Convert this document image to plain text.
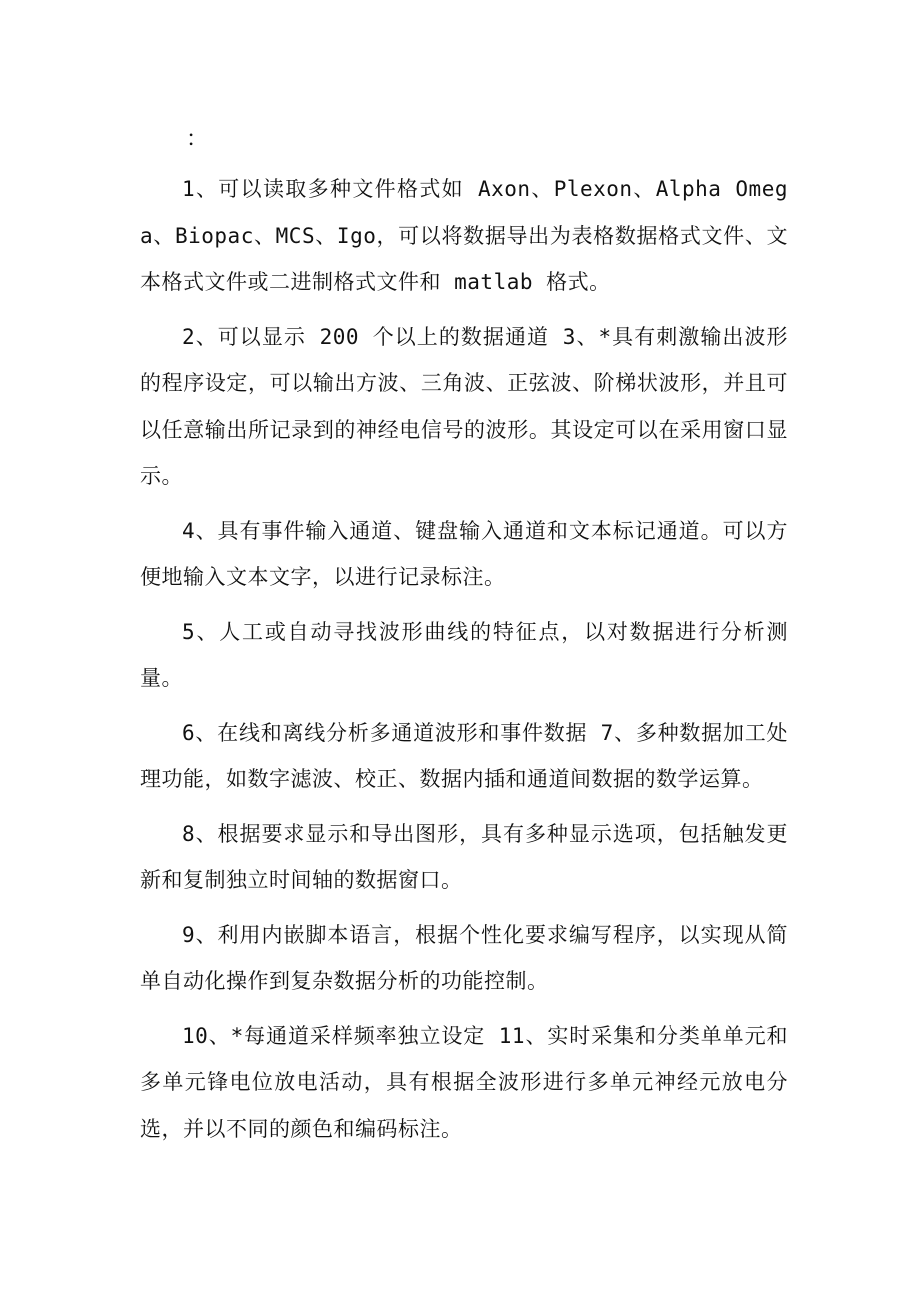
：

1、可以读取多种文件格式如 Axon、Plexon、Alpha Omega、Biopac、MCS、Igo，可以将数据导出为表格数据格式文件、文本格式文件或二进制格式文件和 matlab 格式。

2、可以显示 200 个以上的数据通道 3、*具有刺激输出波形的程序设定，可以输出方波、三角波、正弦波、阶梯状波形，并且可以任意输出所记录到的神经电信号的波形。其设定可以在采用窗口显示。

4、具有事件输入通道、键盘输入通道和文本标记通道。可以方便地输入文本文字，以进行记录标注。

5、人工或自动寻找波形曲线的特征点，以对数据进行分析测量。

6、在线和离线分析多通道波形和事件数据 7、多种数据加工处理功能，如数字滤波、校正、数据内插和通道间数据的数学运算。

8、根据要求显示和导出图形，具有多种显示选项，包括触发更新和复制独立时间轴的数据窗口。

9、利用内嵌脚本语言，根据个性化要求编写程序，以实现从简单自动化操作到复杂数据分析的功能控制。

10、*每通道采样频率独立设定 11、实时采集和分类单单元和多单元锋电位放电活动，具有根据全波形进行多单元神经元放电分选，并以不同的颜色和编码标注。
